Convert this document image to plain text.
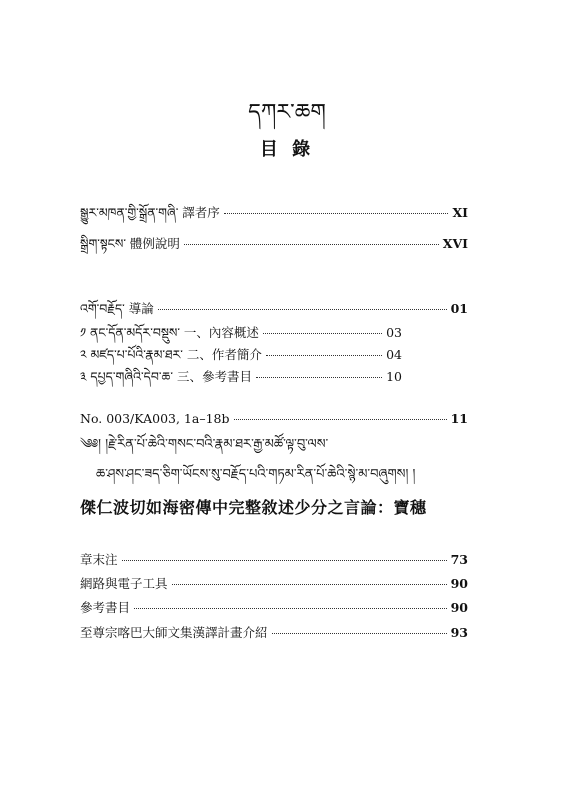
དཀར་ཆག
目 錄
སྒྱུར་མཁན་གྱི་སྒྲོན་གཞི་ 譯者序	XI
སྒྲིག་སྟངས་ 體例說明	XVI
འགོ་བརྗོད་ 導論	01
༡ ནང་དོན་མདོར་བསྡུས་ 一、內容概述	03
༢ མཛད་པ་པོའི་རྣམ་ཐར་ 二、作者簡介	04
༣ དཔྱད་གཞིའི་དེབ་ཆ་ 三、參考書目	10
No. 003/KA003, 1a–18b	11
༄༅། །རྗེ་རིན་པོ་ཆེའི་གསང་བའི་རྣམ་ཐར་རྒྱ་མཚོ་ལྟ་བུ་ལས་
ཆ་ཤས་ཤང་ཟད་ཅིག་ཡོངས་སུ་བརྗོད་པའི་གཏམ་རིན་པོ་ཆེའི་སྙེ་མ་བཞུགས། །
傑仁波切如海密傳中完整敘述少分之言論：寶穗
章末注	73
網路與電子工具	90
參考書目	90
至尊宗喀巴大師文集漢譯計畫介紹	93
